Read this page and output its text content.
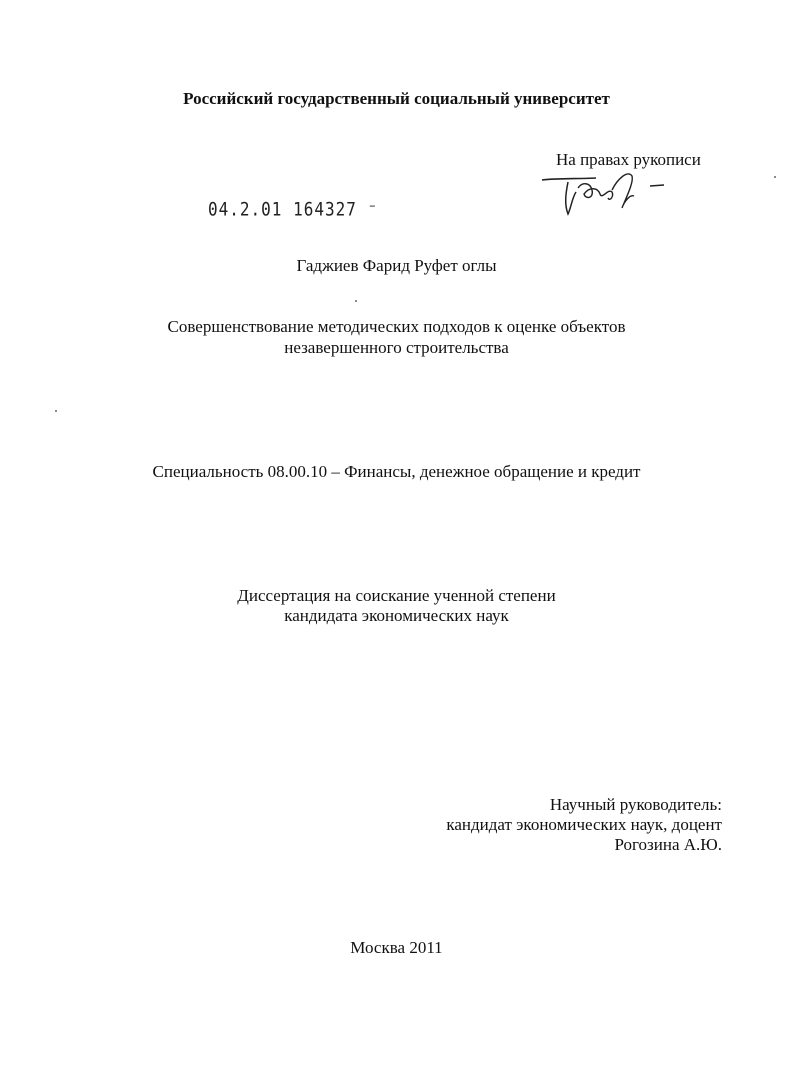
Российский государственный социальный университет
На правах рукописи
04.2.01 164327 ⁻
Гаджиев Фарид Руфет оглы
Совершенствование методических подходов к оценке объектов
незавершенного строительства
Специальность 08.00.10 – Финансы, денежное обращение и кредит
Диссертация на соискание ученной степени
кандидата экономических наук
Научный руководитель:
кандидат экономических наук, доцент
Рогозина А.Ю.
Москва 2011
